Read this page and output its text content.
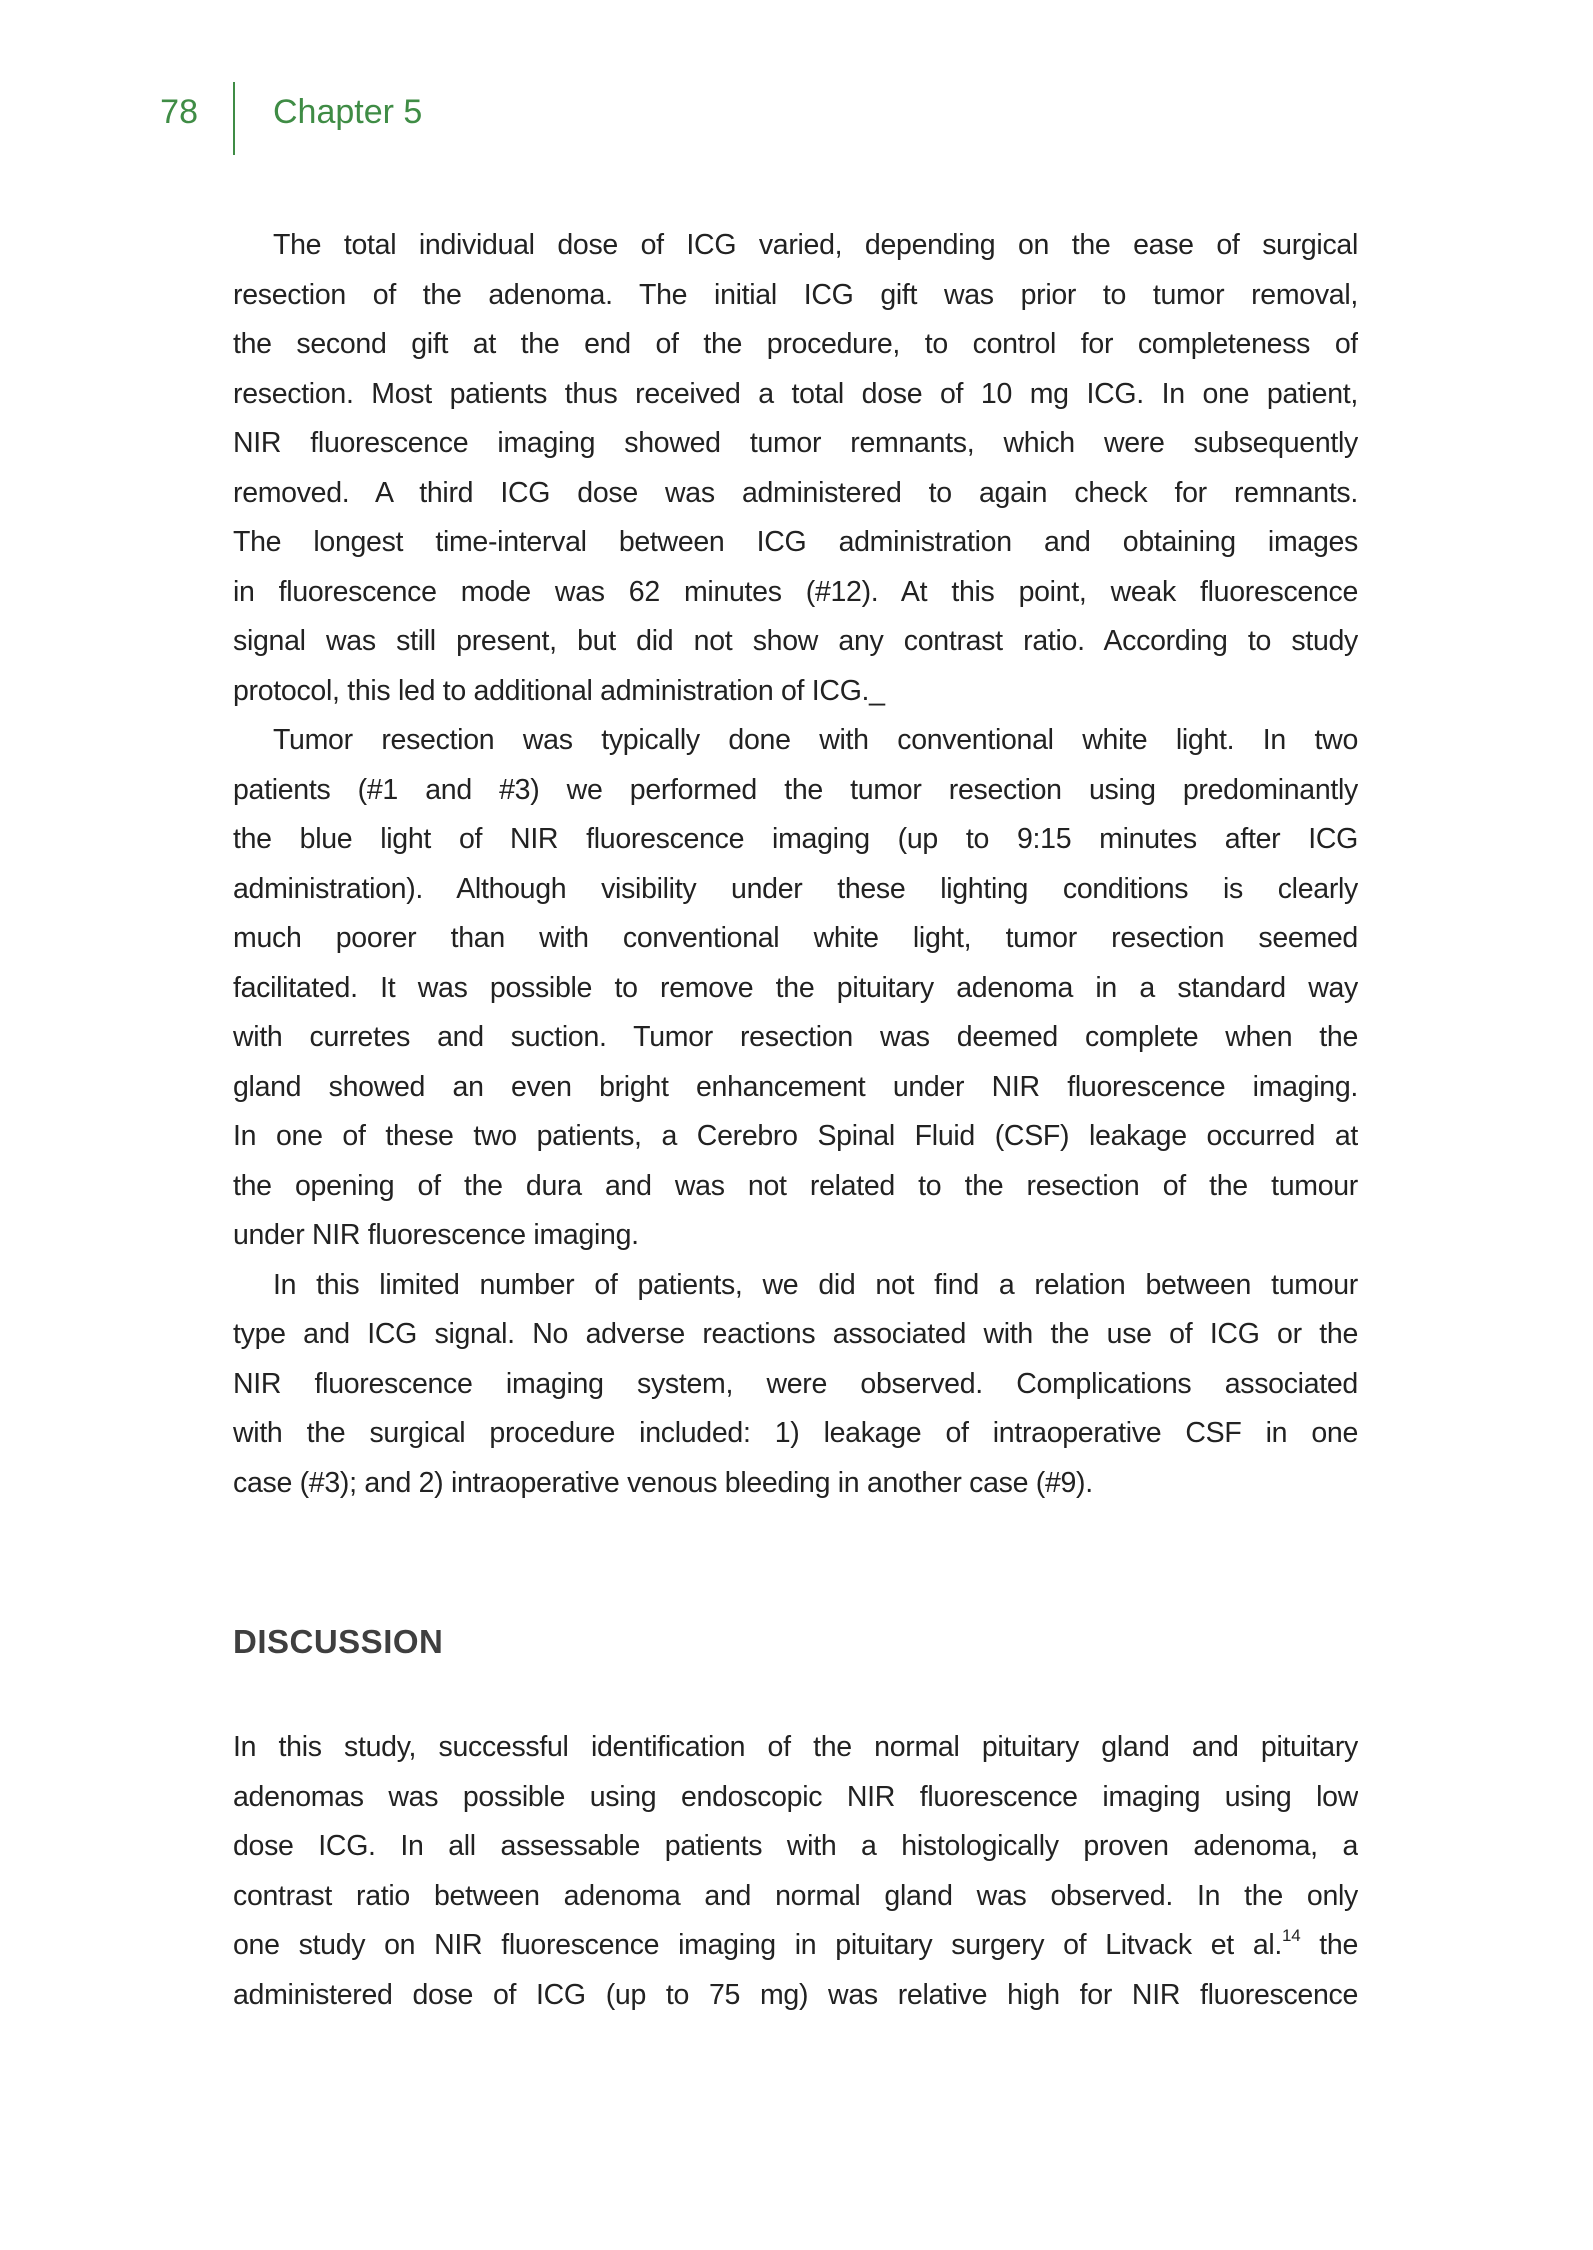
78 Chapter 5
The total individual dose of ICG varied, depending on the ease of surgical
resection of the adenoma. The initial ICG gift was prior to tumor removal,
the second gift at the end of the procedure, to control for completeness of
resection. Most patients thus received a total dose of 10 mg ICG. In one patient,
NIR fluorescence imaging showed tumor remnants, which were subsequently
removed. A third ICG dose was administered to again check for remnants.
The longest time-interval between ICG administration and obtaining images
in fluorescence mode was 62 minutes (#12). At this point, weak fluorescence
signal was still present, but did not show any contrast ratio. According to study
protocol, this led to additional administration of ICG._
Tumor resection was typically done with conventional white light. In two
patients (#1 and #3) we performed the tumor resection using predominantly
the blue light of NIR fluorescence imaging (up to 9:15 minutes after ICG
administration). Although visibility under these lighting conditions is clearly
much poorer than with conventional white light, tumor resection seemed
facilitated. It was possible to remove the pituitary adenoma in a standard way
with curretes and suction. Tumor resection was deemed complete when the
gland showed an even bright enhancement under NIR fluorescence imaging.
In one of these two patients, a Cerebro Spinal Fluid (CSF) leakage occurred at
the opening of the dura and was not related to the resection of the tumour
under NIR fluorescence imaging.
In this limited number of patients, we did not find a relation between tumour
type and ICG signal. No adverse reactions associated with the use of ICG or the
NIR fluorescence imaging system, were observed. Complications associated
with the surgical procedure included: 1) leakage of intraoperative CSF in one
case (#3); and 2) intraoperative venous bleeding in another case (#9).
DISCUSSION
In this study, successful identification of the normal pituitary gland and pituitary
adenomas was possible using endoscopic NIR fluorescence imaging using low
dose ICG. In all assessable patients with a histologically proven adenoma, a
contrast ratio between adenoma and normal gland was observed. In the only
one study on NIR fluorescence imaging in pituitary surgery of Litvack et al.$^{14}$ the
administered dose of ICG (up to 75 mg) was relative high for NIR fluorescence
